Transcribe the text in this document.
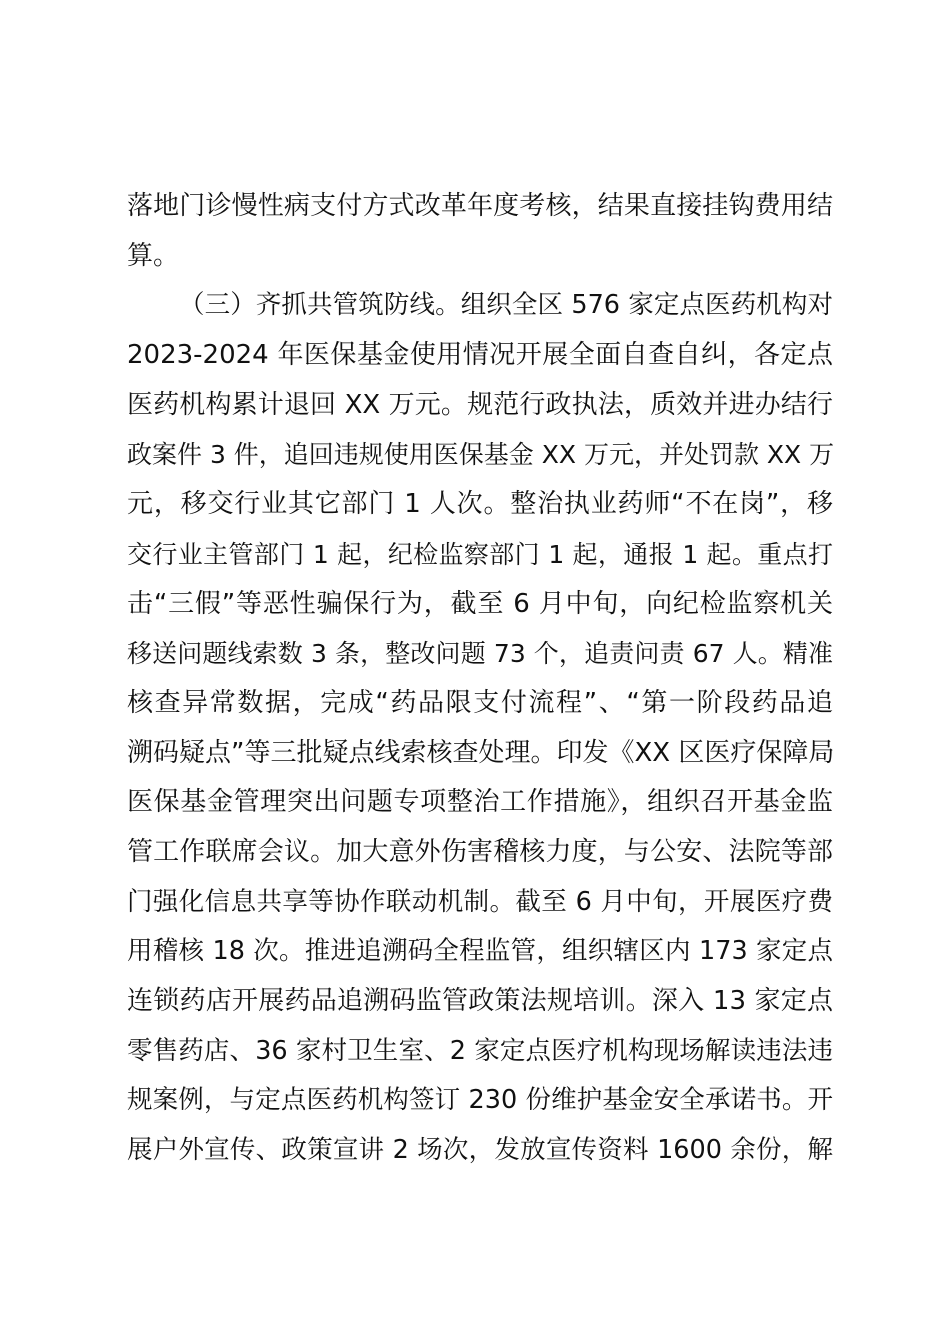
落地门诊慢性病支付方式改革年度考核，结果直接挂钩费用结
算。
（三）齐抓共管筑防线。组织全区 576 家定点医药机构对
2023-2024 年医保基金使用情况开展全面自查自纠，各定点
医药机构累计退回 XX 万元。规范行政执法，质效并进办结行
政案件 3 件，追回违规使用医保基金 XX 万元，并处罚款 XX 万
元，移交行业其它部门 1 人次。整治执业药师“不在岗”，移
交行业主管部门 1 起，纪检监察部门 1 起，通报 1 起。重点打
击“三假”等恶性骗保行为，截至 6 月中旬，向纪检监察机关
移送问题线索数 3 条，整改问题 73 个，追责问责 67 人。精准
核查异常数据，完成“药品限支付流程”、“第一阶段药品追
溯码疑点”等三批疑点线索核查处理。印发《XX 区医疗保障局
医保基金管理突出问题专项整治工作措施》，组织召开基金监
管工作联席会议。加大意外伤害稽核力度，与公安、法院等部
门强化信息共享等协作联动机制。截至 6 月中旬，开展医疗费
用稽核 18 次。推进追溯码全程监管，组织辖区内 173 家定点
连锁药店开展药品追溯码监管政策法规培训。深入 13 家定点
零售药店、36 家村卫生室、2 家定点医疗机构现场解读违法违
规案例，与定点医药机构签订 230 份维护基金安全承诺书。开
展户外宣传、政策宣讲 2 场次，发放宣传资料 1600 余份，解
